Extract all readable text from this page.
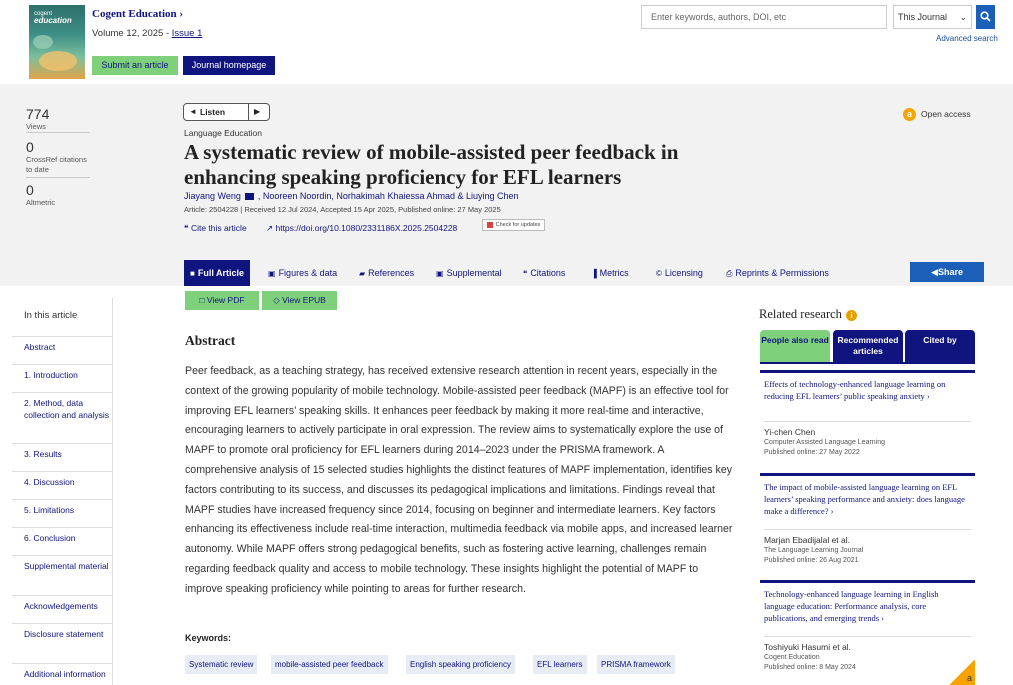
cogent
education
Cogent Education ›
Volume 12, 2025 - Issue 1
Submit an article	Journal homepage
Enter keywords, authors, DOI, etc
This Journal ⌄
Advanced search
774
Views
0
CrossRef citations to date
0
Altmetric
◄ Listen	▶	a Open access
Language Education
A systematic review of mobile-assisted peer feedback in enhancing speaking proficiency for EFL learners
Jiayang Weng , Nooreen Noordin, Norhakimah Khaiessa Ahmad & Liuying Chen
Article: 2504228 | Received 12 Jul 2024, Accepted 15 Apr 2025, Published online: 27 May 2025
❝ Cite this article ↗ https://doi.org/10.1080/2331186X.2025.2504228	Check for updates
■ Full Article	▣ Figures & data	▰ References	▣ Supplemental	❝ Citations	▐ Metrics	© Licensing	⎙ Reprints & Permissions	◀Share
□ View PDF	◇ View EPUB
In this article
Abstract
1. Introduction
2. Method, data collection and analysis
3. Results
4. Discussion
5. Limitations
6. Conclusion
Supplemental material
Acknowledgements
Disclosure statement
Additional information
Abstract
Peer feedback, as a teaching strategy, has received extensive research attention in recent years, especially in the context of the growing popularity of mobile technology. Mobile-assisted peer feedback (MAPF) is an effective tool for improving EFL learners’ speaking skills. It enhances peer feedback by making it more real-time and interactive, encouraging learners to actively participate in oral expression. The review aims to systematically explore the use of MAPF to promote oral proficiency for EFL learners during 2014–2023 under the PRISMA framework. A comprehensive analysis of 15 selected studies highlights the distinct features of MAPF implementation, identifies key factors contributing to its success, and discusses its pedagogical implications and limitations. Findings reveal that MAPF studies have increased frequency since 2014, focusing on beginner and intermediate learners. Key factors enhancing its effectiveness include real-time interaction, multimedia feedback via mobile apps, and increased learner autonomy. While MAPF offers strong pedagogical benefits, such as fostering active learning, challenges remain regarding feedback quality and access to mobile technology. These insights highlight the potential of MAPF to improve speaking proficiency while pointing to areas for further research.
Keywords:
Systematic review	mobile-assisted peer feedback	English speaking proficiency	EFL learners	PRISMA framework
Related research i
People also read	Recommended articles
Cited by
Effects of technology-enhanced language learning on reducing EFL learners’ public speaking anxiety ›
Yi-chen Chen
Computer Assisted Language Learning
Published online: 27 May 2022
The impact of mobile-assisted language learning on EFL learners’ speaking performance and anxiety: does language make a difference? ›
Marjan Ebadijalal et al.
The Language Learning Journal
Published online: 26 Aug 2021
Technology-enhanced language learning in English language education: Performance analysis, core publications, and emerging trends ›
Toshiyuki Hasumi et al.
Cogent Education
Published online: 8 May 2024
a
